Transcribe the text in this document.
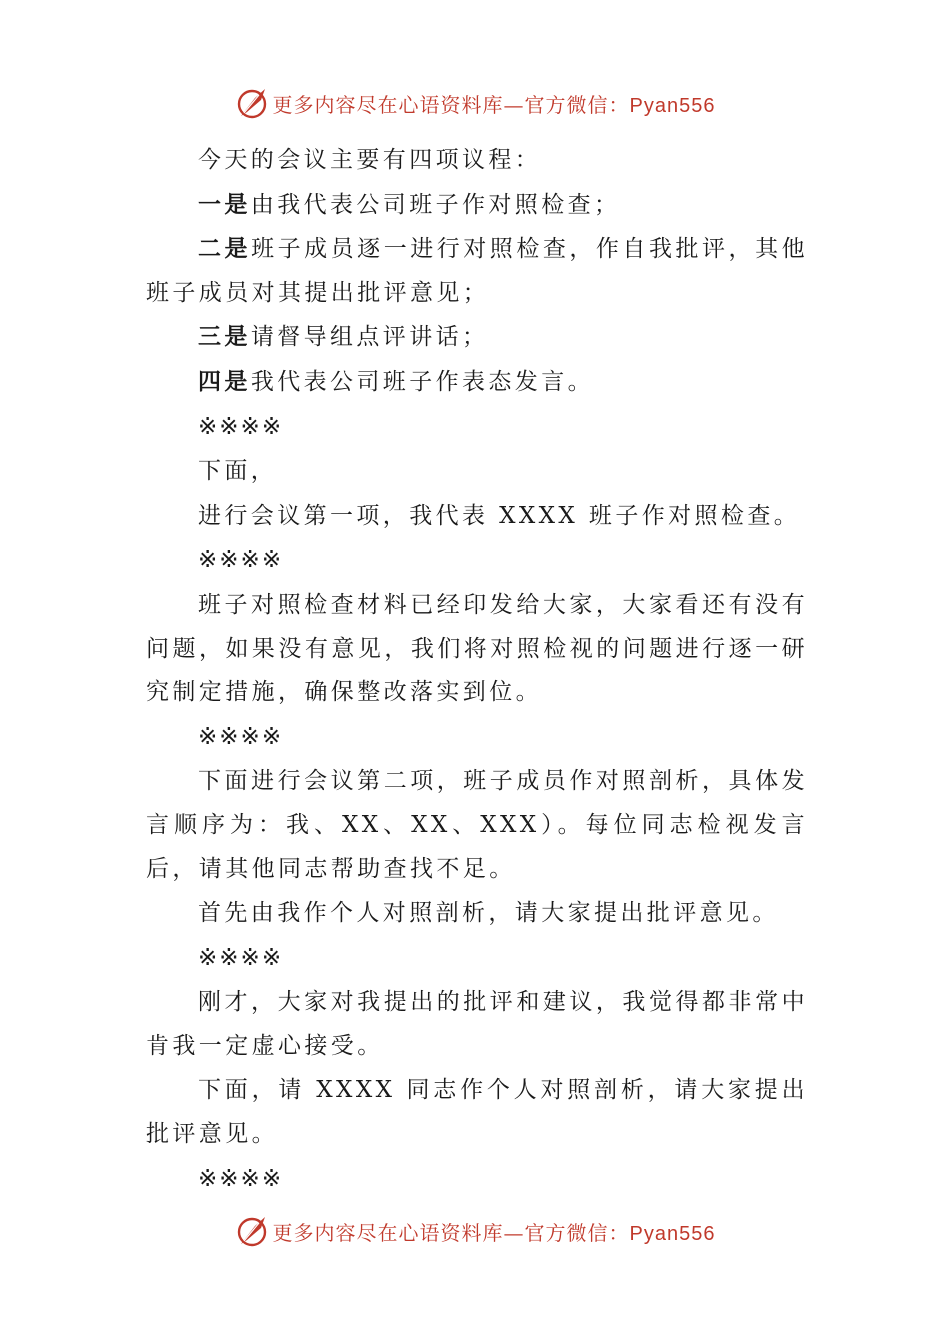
更多内容尽在心语资料库—官方微信：Pyan556

今天的会议主要有四项议程：

一是由我代表公司班子作对照检查；

二是班子成员逐一进行对照检查，作自我批评，其他班子成员对其提出批评意见；

三是请督导组点评讲话；

四是我代表公司班子作表态发言。

※※※※

下面，

进行会议第一项，我代表 XXXX 班子作对照检查。

※※※※

班子对照检查材料已经印发给大家，大家看还有没有问题，如果没有意见，我们将对照检视的问题进行逐一研究制定措施，确保整改落实到位。

※※※※

下面进行会议第二项，班子成员作对照剖析，具体发言顺序为：我、XX、XX、XXX）。每位同志检视发言后，请其他同志帮助查找不足。

首先由我作个人对照剖析，请大家提出批评意见。

※※※※

刚才，大家对我提出的批评和建议，我觉得都非常中肯我一定虚心接受。

下面，请 XXXX 同志作个人对照剖析，请大家提出批评意见。

※※※※

更多内容尽在心语资料库—官方微信：Pyan556
